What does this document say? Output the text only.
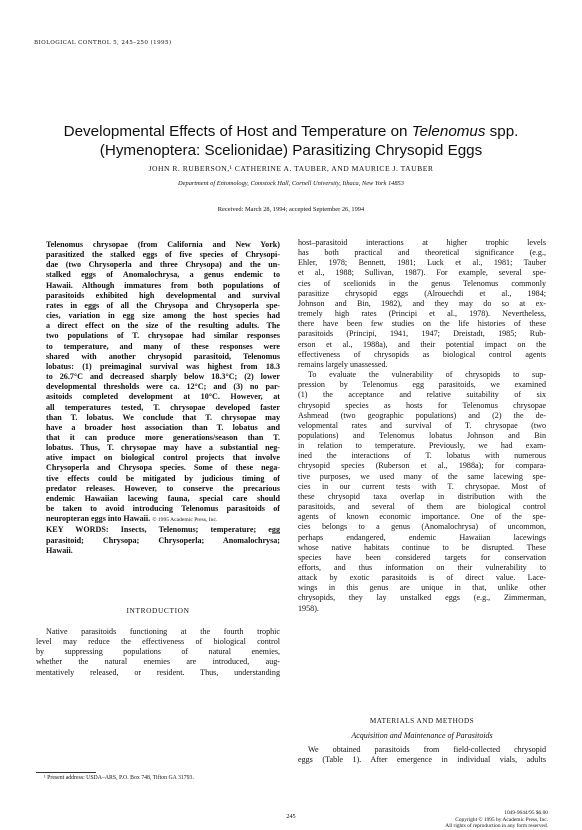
BIOLOGICAL CONTROL 5, 245–250 (1995)
Developmental Effects of Host and Temperature on Telenomus spp.
(Hymenoptera: Scelionidae) Parasitizing Chrysopid Eggs
JOHN R. RUBERSON,¹ CATHERINE A. TAUBER, AND MAURICE J. TAUBER
Department of Entomology, Comstock Hall, Cornell University, Ithaca, New York 14853
Received: March 28, 1994; accepted September 26, 1994
Telenomus chrysopae (from California and New York)
parasitized the stalked eggs of five species of Chrysopi-
dae (two Chrysoperla and three Chrysopa) and the un-
stalked eggs of Anomalochrysa, a genus endemic to
Hawaii. Although immatures from both populations of
parasitoids exhibited high developmental and survival
rates in eggs of all the Chrysopa and Chrysoperla spe-
cies, variation in egg size among the host species had
a direct effect on the size of the resulting adults. The
two populations of T. chrysopae had similar responses
to temperature, and many of these responses were
shared with another chrysopid parasitoid, Telenomus
lobatus: (1) preimaginal survival was highest from 18.3
to 26.7°C and decreased sharply below 18.3°C; (2) lower
developmental thresholds were ca. 12°C; and (3) no par-
asitoids completed development at 10°C. However, at
all temperatures tested, T. chrysopae developed faster
than T. lobatus. We conclude that T. chrysopae may
have a broader host association than T. lobatus and
that it can produce more generations/season than T.
lobatus. Thus, T. chrysopae may have a substantial neg-
ative impact on biological control projects that involve
Chrysoperla and Chrysopa species. Some of these nega-
tive effects could be mitigated by judicious timing of
predator releases. However, to conserve the precarious
endemic Hawaiian lacewing fauna, special care should
be taken to avoid introducing Telenomus parasitoids of
neuropteran eggs into Hawaii. © 1995 Academic Press, Inc.
KEY WORDS: Insects, Telenomus; temperature; egg
parasitoid; Chrysopa; Chrysoperla; Anomalochrysa;
Hawaii.
INTRODUCTION
Native parasitoids functioning at the fourth trophic
level may reduce the effectiveness of biological control
by suppressing populations of natural enemies,
whether the natural enemies are introduced, aug-
mentatively released, or resident. Thus, understanding
¹ Present address: USDA–ARS, P.O. Box 748, Tifton GA 31793.
host–parasitoid interactions at higher trophic levels
has both practical and theoretical significance (e.g.,
Ehler, 1978; Bennett, 1981; Luck et al., 1981; Tauber
et al., 1988; Sullivan, 1987). For example, several spe-
cies of scelionids in the genus Telenomus commonly
parasitize chrysopid eggs (Alrouechdi et al., 1984;
Johnson and Bin, 1982), and they may do so at ex-
tremely high rates (Principi et al., 1978). Nevertheless,
there have been few studies on the life histories of these
parasitoids (Principi, 1941, 1947; Dreistadt, 1985; Rub-
erson et al., 1988a), and their potential impact on the
effectiveness of chrysopids as biological control agents
remains largely unassessed.
To evaluate the vulnerability of chrysopids to sup-
pression by Telenomus egg parasitoids, we examined
(1) the acceptance and relative suitability of six
chrysopid species as hosts for Telenomus chrysopae
Ashmead (two geographic populations) and (2) the de-
velopmental rates and survival of T. chrysopae (two
populations) and Telenomus lobatus Johnson and Bin
in relation to temperature. Previously, we had exam-
ined the interactions of T. lobatus with numerous
chrysopid species (Ruberson et al., 1988a); for compara-
tive purposes, we used many of the same lacewing spe-
cies in our current tests with T. chrysopae. Most of
these chrysopid taxa overlap in distribution with the
parasitoids, and several of them are biological control
agents of known economic importance. One of the spe-
cies belongs to a genus (Anomalochrysa) of uncommon,
perhaps endangered, endemic Hawaiian lacewings
whose native habitats continue to be disrupted. These
species have been considered targets for conservation
efforts, and thus information on their vulnerability to
attack by exotic parasitoids is of direct value. Lace-
wings in this genus are unique in that, unlike other
chrysopids, they lay unstalked eggs (e.g., Zimmerman,
1958).
MATERIALS AND METHODS
Acquisition and Maintenance of Parasitoids
We obtained parasitoids from field-collected chrysopid
eggs (Table 1). After emergence in individual vials, adults
245	1049-9644/95 $6.00
Copyright © 1995 by Academic Press, Inc.
All rights of reproduction in any form reserved.
